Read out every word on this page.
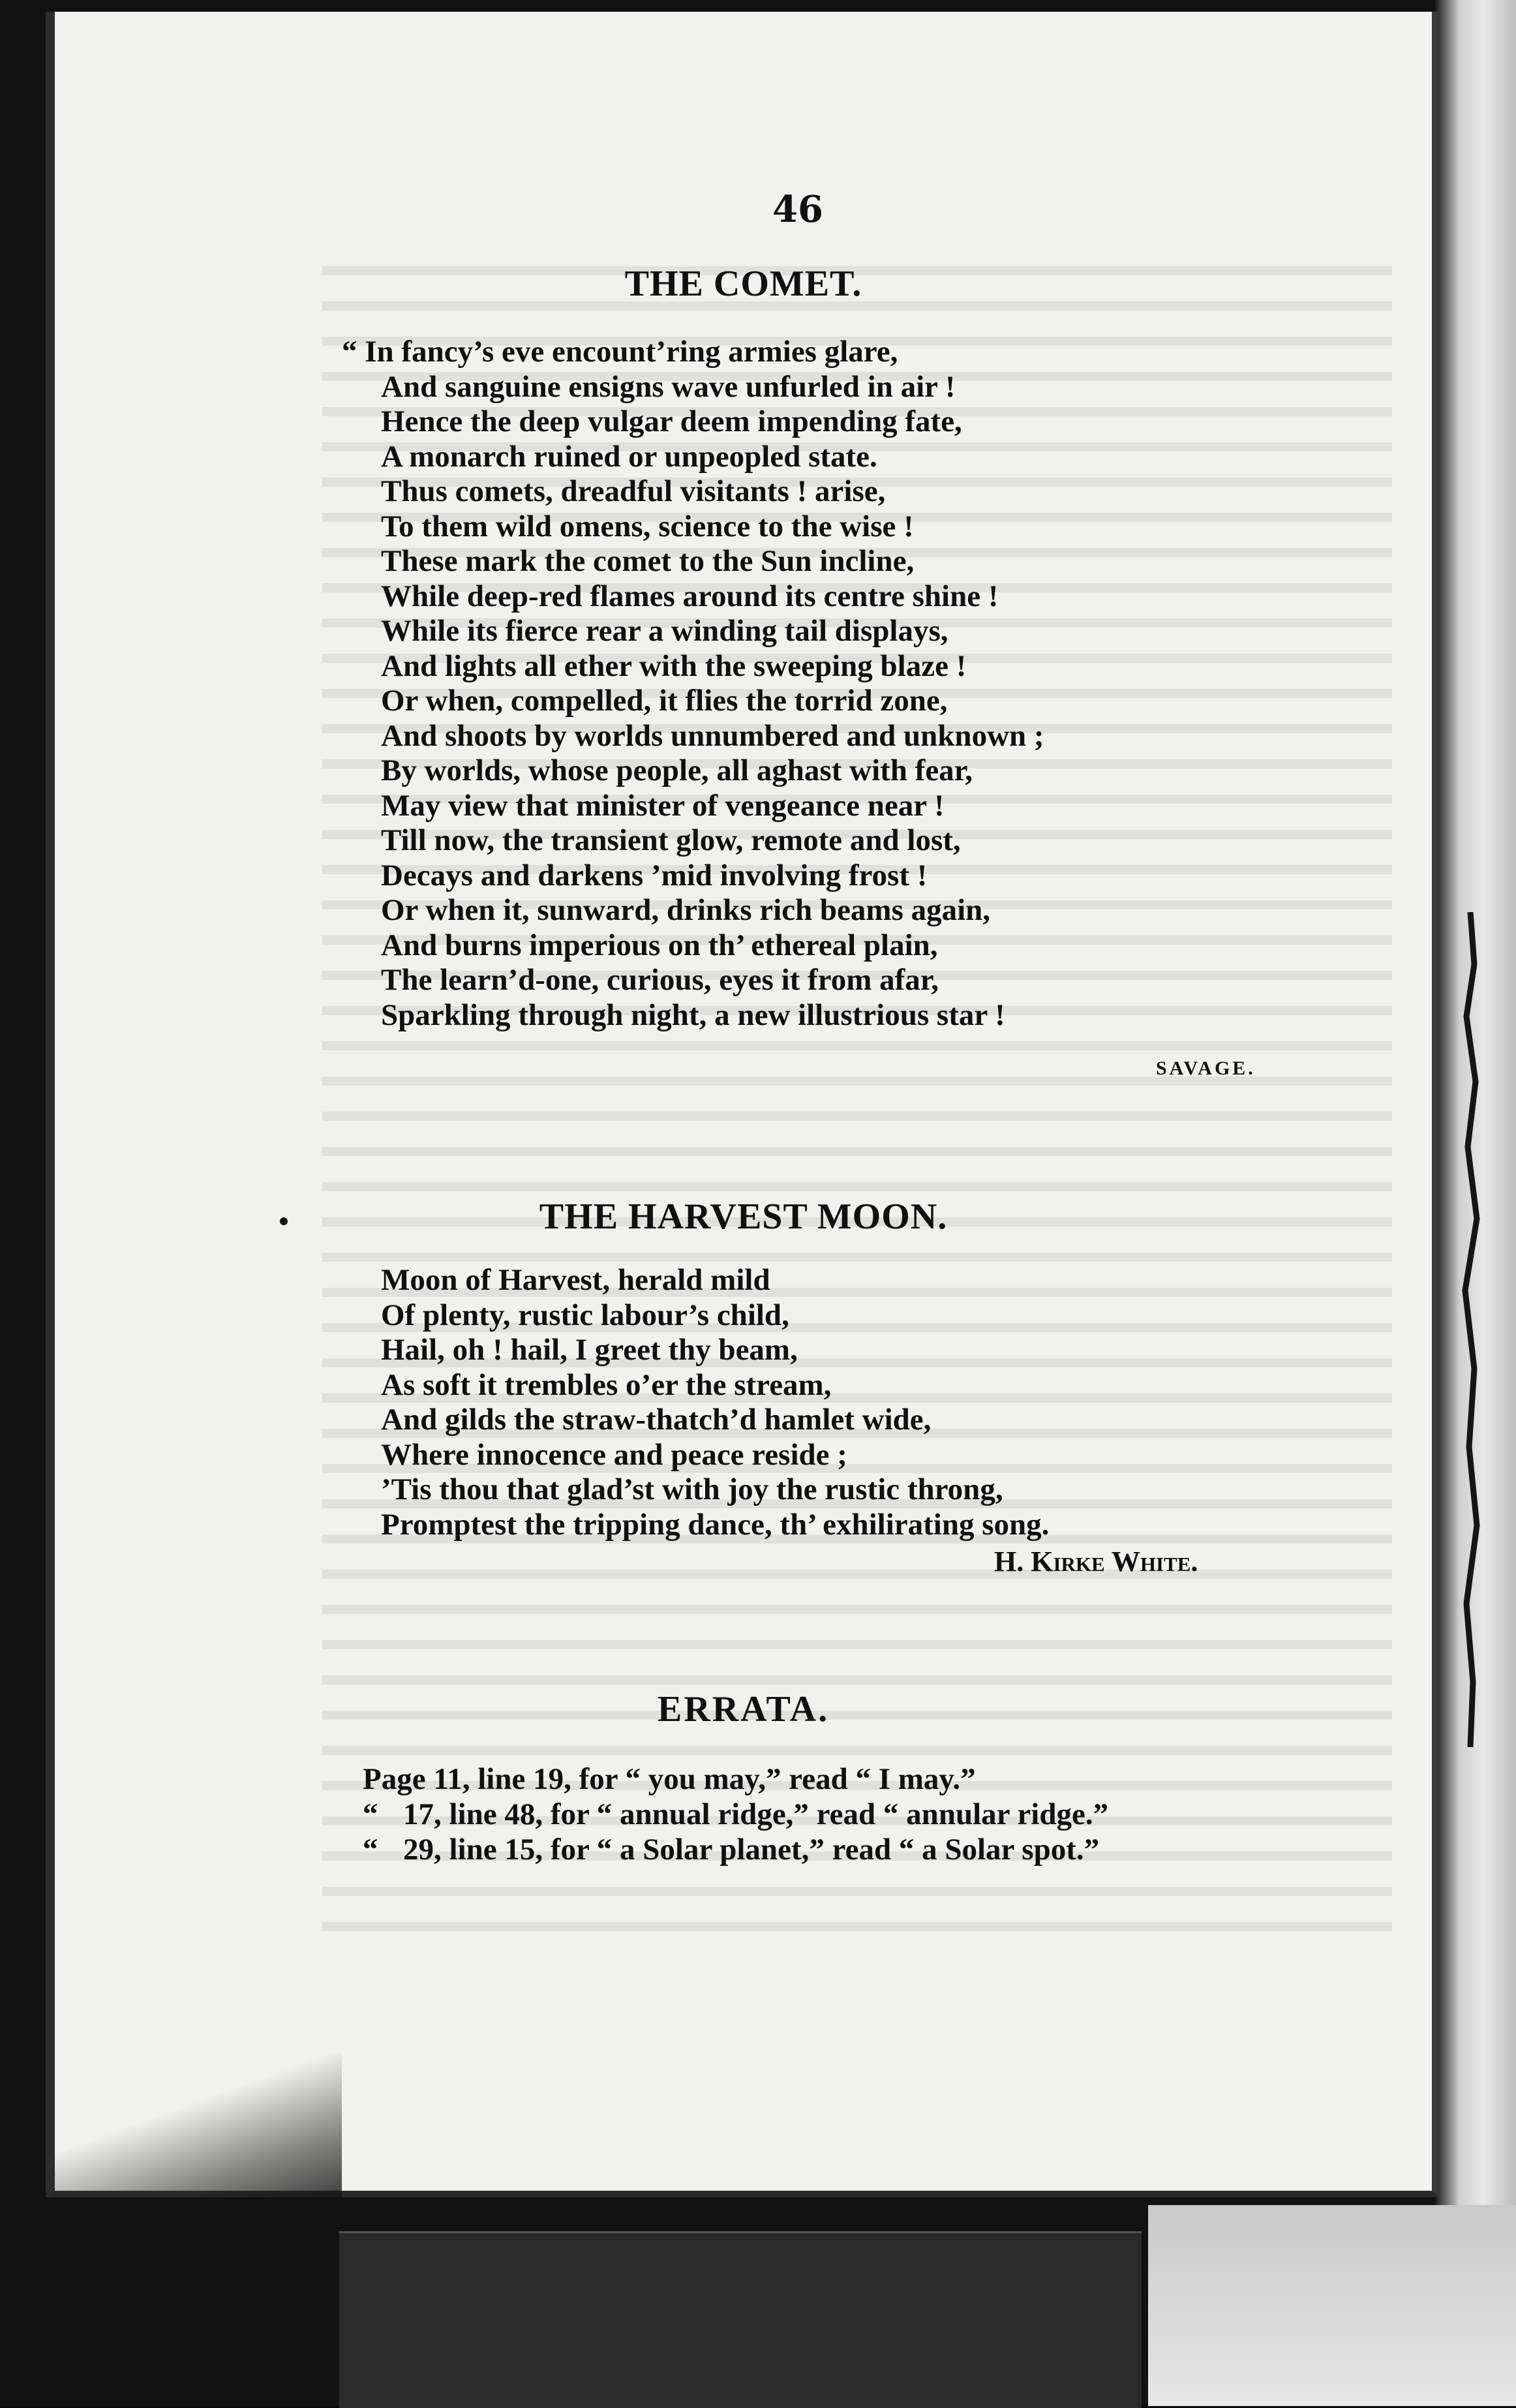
46
THE COMET.
“ In fancy’s eve encount’ring armies glare,
And sanguine ensigns wave unfurled in air !
Hence the deep vulgar deem impending fate,
A monarch ruined or unpeopled state.
Thus comets, dreadful visitants ! arise,
To them wild omens, science to the wise !
These mark the comet to the Sun incline,
While deep-red flames around its centre shine !
While its fierce rear a winding tail displays,
And lights all ether with the sweeping blaze !
Or when, compelled, it flies the torrid zone,
And shoots by worlds unnumbered and unknown ;
By worlds, whose people, all aghast with fear,
May view that minister of vengeance near !
Till now, the transient glow, remote and lost,
Decays and darkens ’mid involving frost !
Or when it, sunward, drinks rich beams again,
And burns imperious on th’ ethereal plain,
The learn’d-one, curious, eyes it from afar,
Sparkling through night, a new illustrious star !
SAVAGE.
THE HARVEST MOON.
Moon of Harvest, herald mild
Of plenty, rustic labour’s child,
Hail, oh ! hail, I greet thy beam,
As soft it trembles o’er the stream,
And gilds the straw-thatch’d hamlet wide,
Where innocence and peace reside ;
’Tis thou that glad’st with joy the rustic throng,
Promptest the tripping dance, th’ exhilirating song.
H. Kirke White.
ERRATA.
Page 11, line 19, for “ you may,” read “ I may.”
“ 17, line 48, for “ annual ridge,” read “ annular ridge.”
“ 29, line 15, for “ a Solar planet,” read “ a Solar spot.”
